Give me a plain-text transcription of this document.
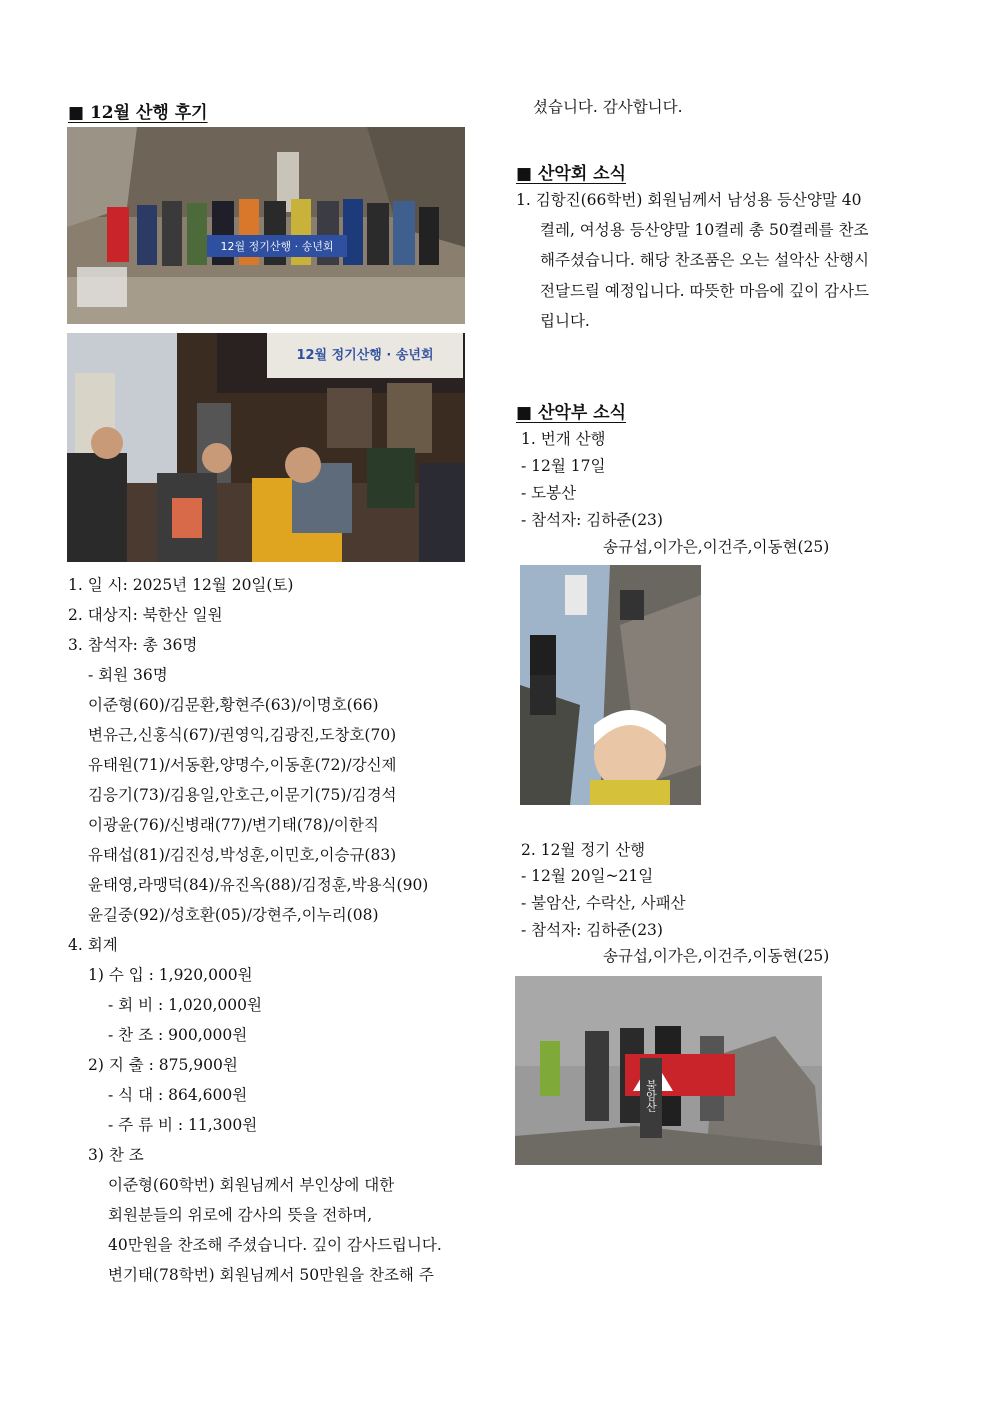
■ 12월 산행 후기
12월 정기산행 · 송년회
12월 정기산행 · 송년회
1. 일 시: 2025년 12월 20일(토)
2. 대상지: 북한산 일원
3. 참석자: 총 36명
- 회원 36명
이준형(60)/김문환,황현주(63)/이명호(66)
변유근,신홍식(67)/권영익,김광진,도창호(70)
유태원(71)/서동환,양명수,이동훈(72)/강신제
김응기(73)/김용일,안호근,이문기(75)/김경석
이광윤(76)/신병래(77)/변기태(78)/이한직
유태섭(81)/김진성,박성훈,이민호,이승규(83)
윤태영,라맹덕(84)/유진옥(88)/김정훈,박용식(90)
윤길중(92)/성호환(05)/강현주,이누리(08)
4. 회계
1) 수 입 : 1,920,000원
- 회 비 : 1,020,000원
- 찬 조 : 900,000원
2) 지 출 : 875,900원
- 식 대 : 864,600원
- 주 류 비 : 11,300원
3) 찬 조
이준형(60학번) 회원님께서 부인상에 대한
회원분들의 위로에 감사의 뜻을 전하며,
40만원을 찬조해 주셨습니다. 깊이 감사드립니다.
변기태(78학번) 회원님께서 50만원을 찬조해 주
셨습니다. 감사합니다.
■ 산악회 소식
1. 김항진(66학번) 회원님께서 남성용 등산양말 40
켤레, 여성용 등산양말 10켤레 총 50켤레를 찬조
해주셨습니다. 해당 찬조품은 오는 설악산 산행시
전달드릴 예정입니다. 따뜻한 마음에 깊이 감사드
립니다.
■ 산악부 소식
1. 번개 산행
- 12월 17일
- 도봉산
- 참석자: 김하준(23)
송규섭,이가은,이건주,이동현(25)
2. 12월 정기 산행
- 12월 20일~21일
- 불암산, 수락산, 사패산
- 참석자: 김하준(23)
송규섭,이가은,이건주,이동현(25)
불암산
